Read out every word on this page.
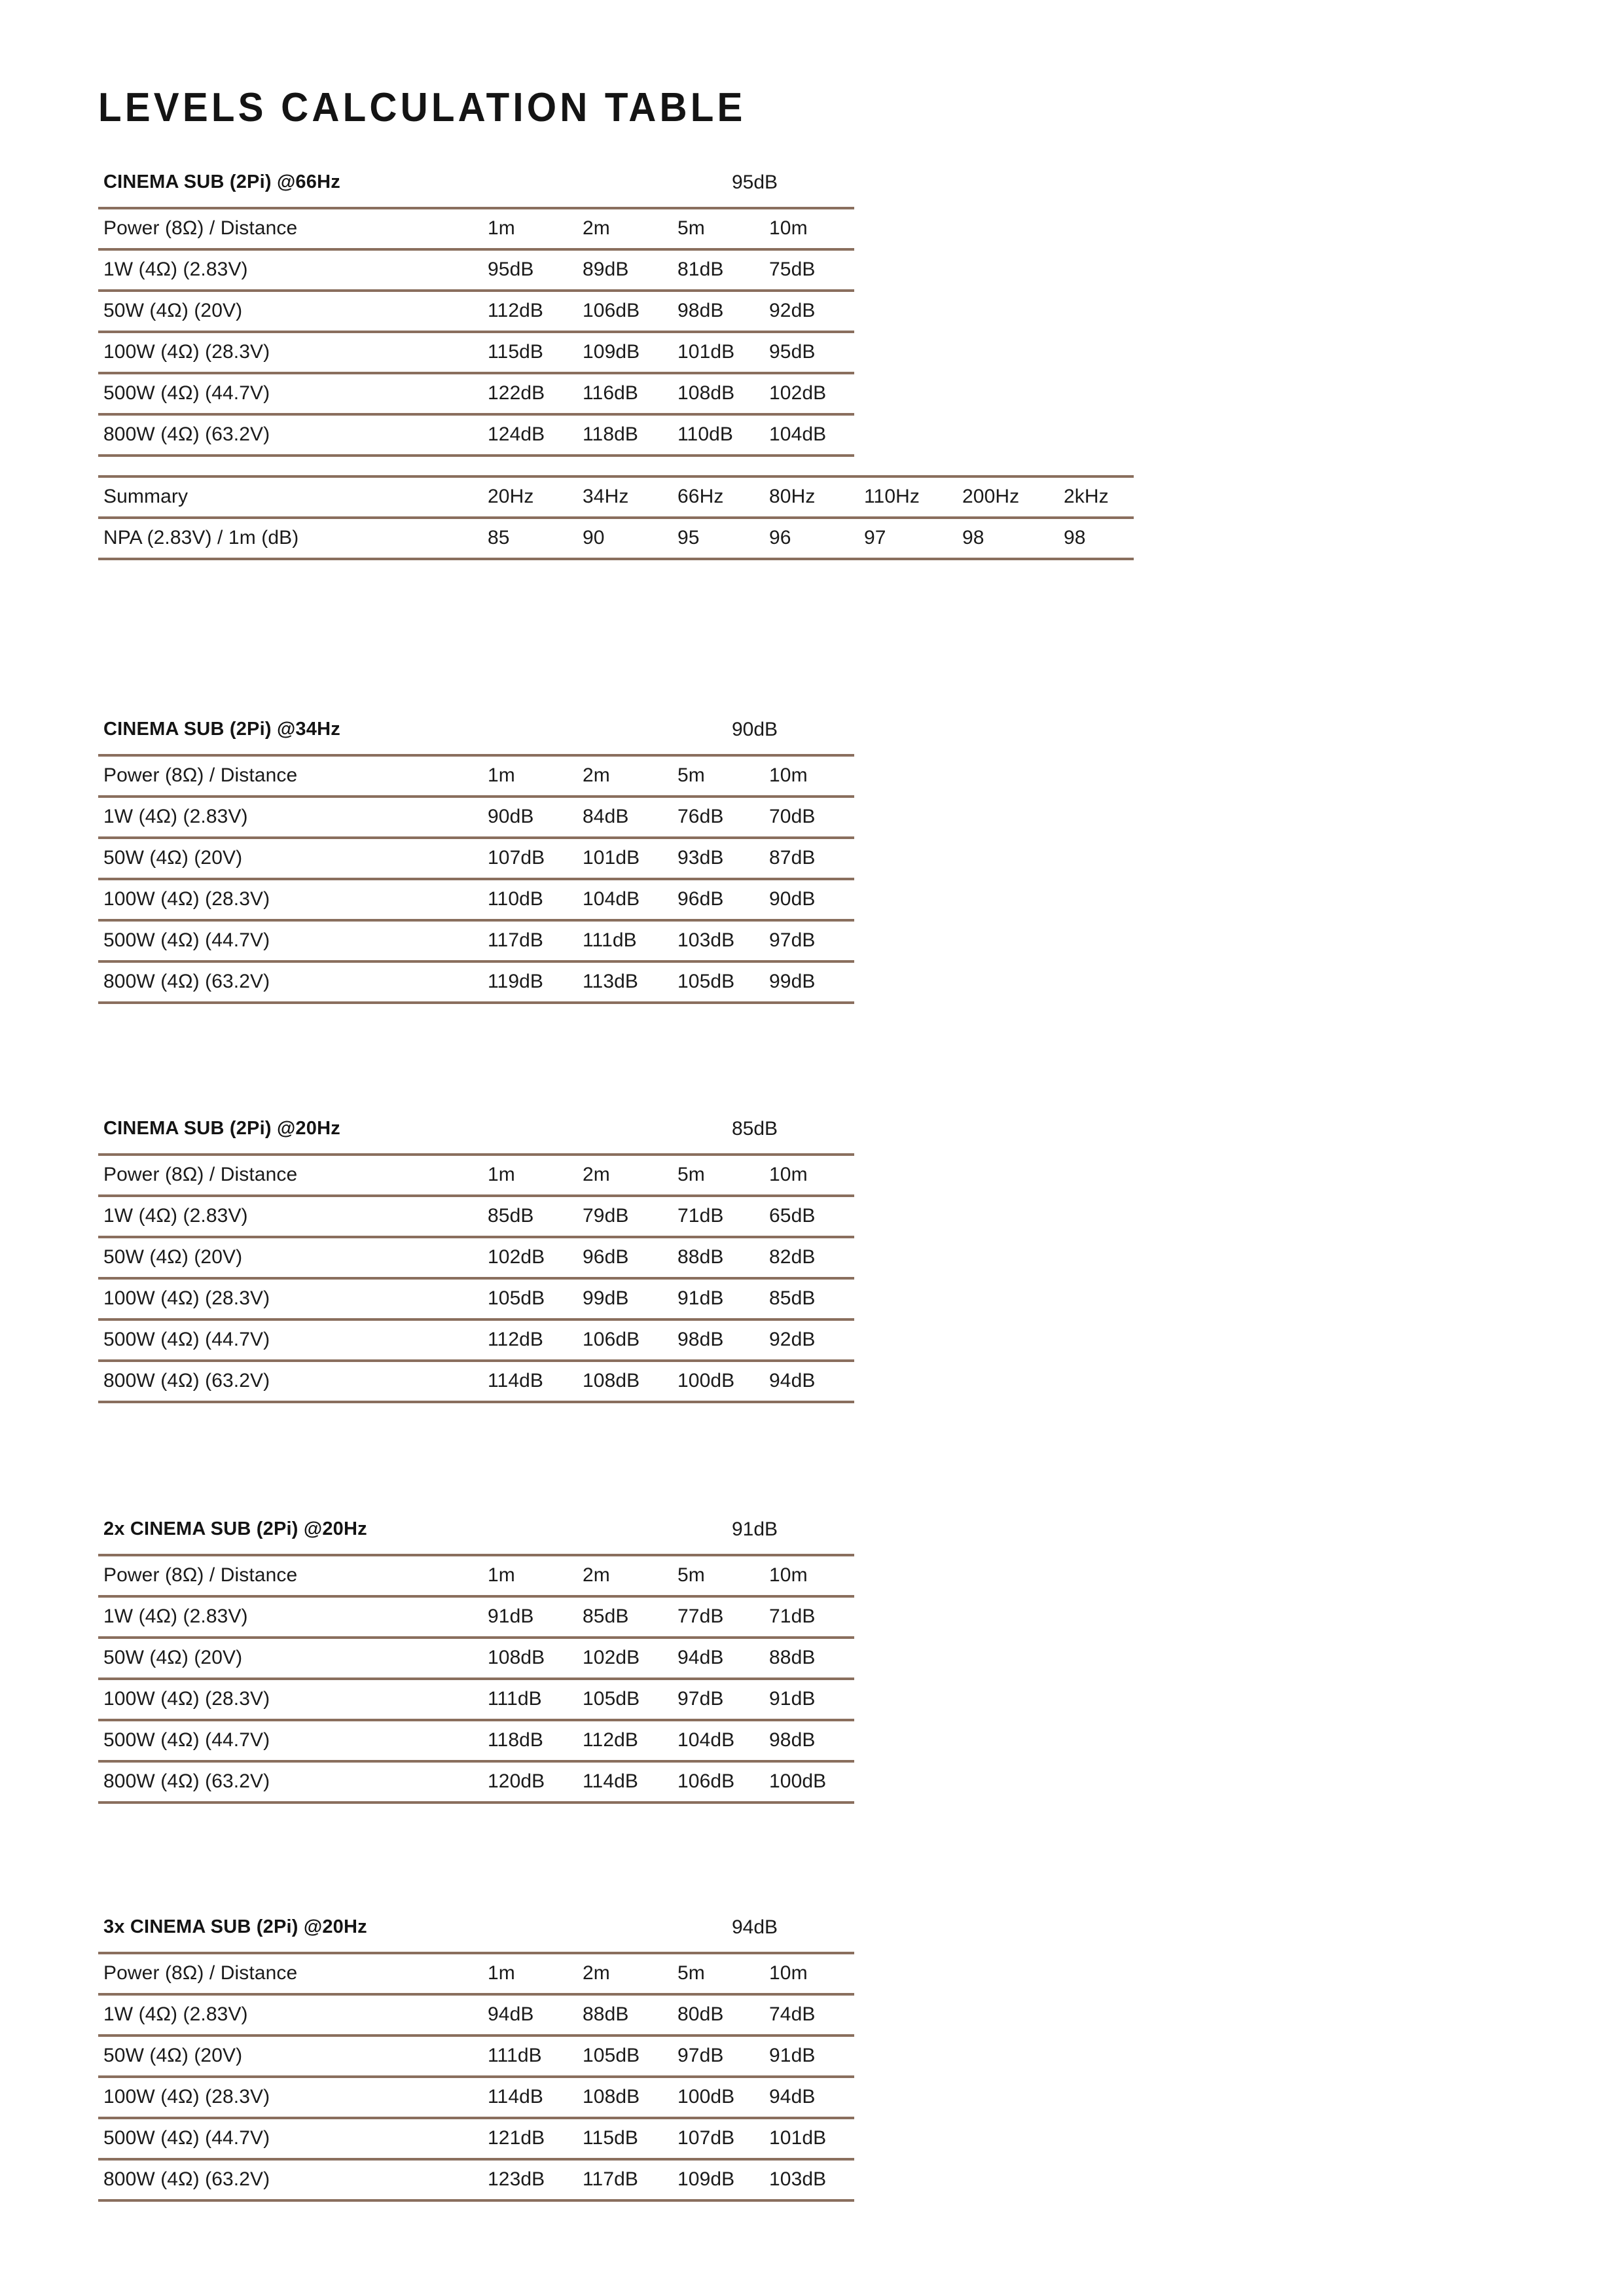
LEVELS CALCULATION TABLE
CINEMA SUB (2Pi) @66Hz	95dB
Power (8Ω) / Distance	1m	2m	5m	10m
1W (4Ω) (2.83V)	95dB 89dB 81dB 75dB
50W (4Ω) (20V)	112dB 106dB 98dB 92dB
100W (4Ω) (28.3V)	115dB 109dB 101dB 95dB
500W (4Ω) (44.7V)	122dB 116dB 108dB 102dB
800W (4Ω) (63.2V)	124dB 118dB 110dB 104dB
Summary	20Hz 34Hz 66Hz 80Hz 110Hz 200Hz 2kHz
NPA (2.83V) / 1m (dB)	85	90	95	96	97	98	98
CINEMA SUB (2Pi) @34Hz	90dB
Power (8Ω) / Distance	1m	2m	5m	10m
1W (4Ω) (2.83V)	90dB 84dB 76dB 70dB
50W (4Ω) (20V)	107dB 101dB 93dB 87dB
100W (4Ω) (28.3V)	110dB 104dB 96dB 90dB
500W (4Ω) (44.7V)	117dB 111dB 103dB 97dB
800W (4Ω) (63.2V)	119dB 113dB 105dB 99dB
CINEMA SUB (2Pi) @20Hz	85dB
Power (8Ω) / Distance	1m	2m	5m	10m
1W (4Ω) (2.83V)	85dB 79dB 71dB 65dB
50W (4Ω) (20V)	102dB 96dB 88dB 82dB
100W (4Ω) (28.3V)	105dB 99dB 91dB 85dB
500W (4Ω) (44.7V)	112dB 106dB 98dB 92dB
800W (4Ω) (63.2V)	114dB 108dB 100dB 94dB
2x CINEMA SUB (2Pi) @20Hz	91dB
Power (8Ω) / Distance	1m	2m	5m	10m
1W (4Ω) (2.83V)	91dB 85dB 77dB 71dB
50W (4Ω) (20V)	108dB 102dB 94dB 88dB
100W (4Ω) (28.3V)	111dB 105dB 97dB 91dB
500W (4Ω) (44.7V)	118dB 112dB 104dB 98dB
800W (4Ω) (63.2V)	120dB 114dB 106dB 100dB
3x CINEMA SUB (2Pi) @20Hz	94dB
Power (8Ω) / Distance	1m	2m	5m	10m
1W (4Ω) (2.83V)	94dB 88dB 80dB 74dB
50W (4Ω) (20V)	111dB 105dB 97dB 91dB
100W (4Ω) (28.3V)	114dB 108dB 100dB 94dB
500W (4Ω) (44.7V)	121dB 115dB 107dB 101dB
800W (4Ω) (63.2V)	123dB 117dB 109dB 103dB
